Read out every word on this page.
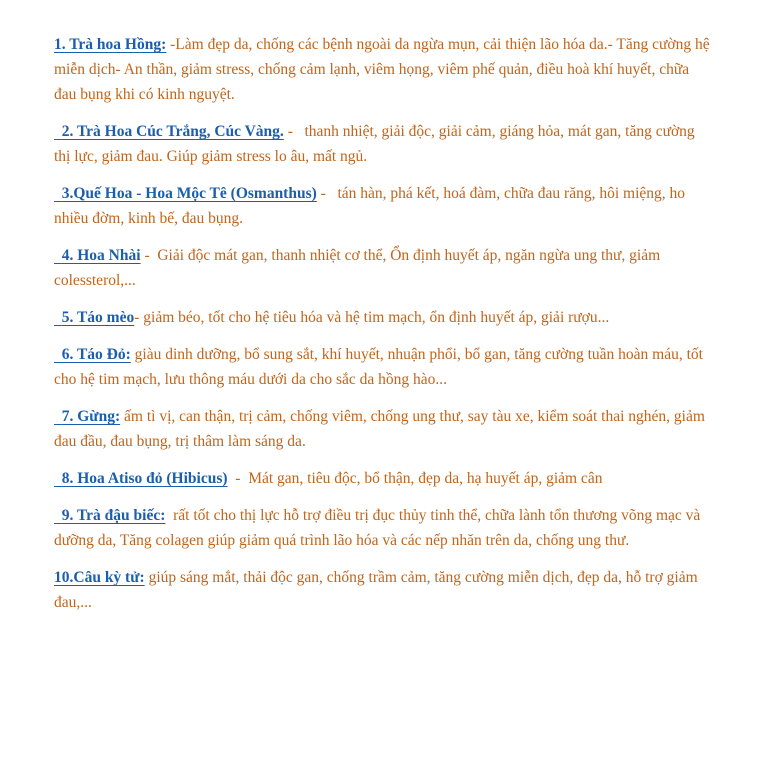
1. Trà hoa Hồng: -Làm đẹp da, chống các bệnh ngoài da ngừa mụn, cải thiện lão hóa da.- Tăng cường hệ miễn dịch- An thần, giảm stress, chống cảm lạnh, viêm họng, viêm phế quản, điều hoà khí huyết, chữa đau bụng khi có kinh nguyệt.

2. Trà Hoa Cúc Trắng, Cúc Vàng. -   thanh nhiệt, giải độc, giải cảm, giáng hỏa, mát gan, tăng cường thị lực, giảm đau. Giúp giảm stress lo âu, mất ngủ.

3.Quế Hoa - Hoa Mộc Tê (Osmanthus) -   tán hàn, phá kết, hoá đàm, chữa đau răng, hôi miệng, ho nhiều đờm, kinh bế, đau bụng.

4. Hoa Nhài -  Giải độc mát gan, thanh nhiệt cơ thể, Ổn định huyết áp, ngăn ngừa ung thư, giảm colessterol,...

5. Táo mèo- giảm béo, tốt cho hệ tiêu hóa và hệ tim mạch, ổn định huyết áp, giải rượu...

6. Táo Đỏ: giàu dinh dưỡng, bổ sung sắt, khí huyết, nhuận phổi, bổ gan, tăng cường tuần hoàn máu, tốt cho hệ tim mạch, lưu thông máu dưới da cho sắc da hồng hào...

7. Gừng: ấm tì vị, can thận, trị cảm, chống viêm, chống ung thư, say tàu xe, kiểm soát thai nghén, giảm đau đầu, đau bụng, trị thâm làm sáng da.

8. Hoa Atiso đỏ (Hibicus)  -  Mát gan, tiêu độc, bổ thận, đẹp da, hạ huyết áp, giảm cân

9. Trà đậu biếc:  rất tốt cho thị lực hỗ trợ điều trị đục thủy tinh thể, chữa lành tổn thương võng mạc và dưỡng da, Tăng colagen giúp giảm quá trình lão hóa và các nếp nhăn trên da, chống ung thư.

10.Câu kỳ tử: giúp sáng mắt, thải độc gan, chống trầm cảm, tăng cường miễn dịch, đẹp da, hỗ trợ giảm đau,...
